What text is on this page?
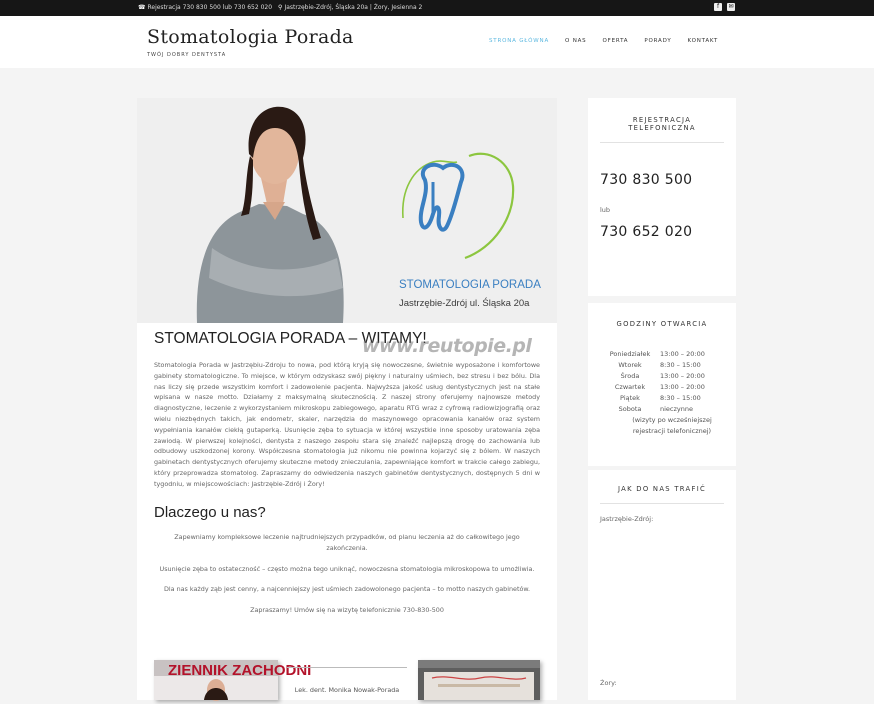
☎ Rejestracja 730 830 500 lub 730 652 020 ⚲ Jastrzębie-Zdrój, Śląska 20a | Żory, Jesienna 2	f	✉
Stomatologia Porada
TWÓJ DOBRY DENTYSTA
STRONA GŁÓWNA	O NAS	OFERTA	PORADY	KONTAKT
STOMATOLOGIA PORADA
Jastrzębie-Zdrój ul. Śląska 20a
STOMATOLOGIA PORADA – WITAMY!
www.reutopie.pl
Stomatologia Porada w Jastrzębiu-Zdroju to nowa, pod którą kryją się nowoczesne, świetnie wyposażone i komfortowe gabinety stomatologiczne. To miejsce, w którym odzyskasz swój piękny i naturalny uśmiech, bez stresu i bez bólu. Dla nas liczy się przede wszystkim komfort i zadowolenie pacjenta. Najwyższa jakość usług dentystycznych jest na stałe wpisana w nasze motto. Działamy z maksymalną skutecznością. Z naszej strony oferujemy najnowsze metody diagnostyczne, leczenie z wykorzystaniem mikroskopu zabiegowego, aparatu RTG wraz z cyfrową radiowizjografią oraz wielu niezbędnych takich, jak endometr, skaler, narzędzia do maszynowego opracowania kanałów oraz system wypełniania kanałów ciekłą gutaperką. Usunięcie zęba to sytuacja w której wszystkie inne sposoby uratowania zęba zawiodą. W pierwszej kolejności, dentysta z naszego zespołu stara się znaleźć najlepszą drogę do zachowania lub odbudowy uszkodzonej korony. Współczesna stomatologia już nikomu nie powinna kojarzyć się z bólem. W naszych gabinetach dentystycznych oferujemy skuteczne metody znieczulania, zapewniające komfort w trakcie całego zabiegu, który przeprowadza stomatolog. Zapraszamy do odwiedzenia naszych gabinetów dentystycznych, dostępnych 5 dni w tygodniu, w miejscowościach: Jastrzębie-Zdrój i Żory!
Dlaczego u nas?

Zapewniamy kompleksowe leczenie najtrudniejszych przypadków, od planu leczenia aż do całkowitego jego zakończenia.

Usunięcie zęba to ostateczność – często można tego uniknąć, nowoczesna stomatologia mikroskopowa to umożliwia.

Dla nas każdy ząb jest cenny, a najcenniejszy jest uśmiech zadowolonego pacjenta – to motto naszych gabinetów.

Zapraszamy! Umów się na wizytę telefonicznie 730-830-500

ZIENNIK ZACHODNI
Lek. dent. Monika Nowak-Porada
REJESTRACJA
TELEFONICZNA
730 830 500
lub
730 652 020
GODZINY OTWARCIA
Poniedziałek	13:00 – 20:00
Wtorek	8:30 – 15:00
Środa	13:00 – 20:00
Czwartek	13:00 – 20:00
Piątek	8:30 – 15:00
Sobota	nieczynne
(wizyty po wcześniejszej
rejestracji telefonicznej)
JAK DO NAS TRAFIĆ
Jastrzębie-Zdrój:
Żory:
